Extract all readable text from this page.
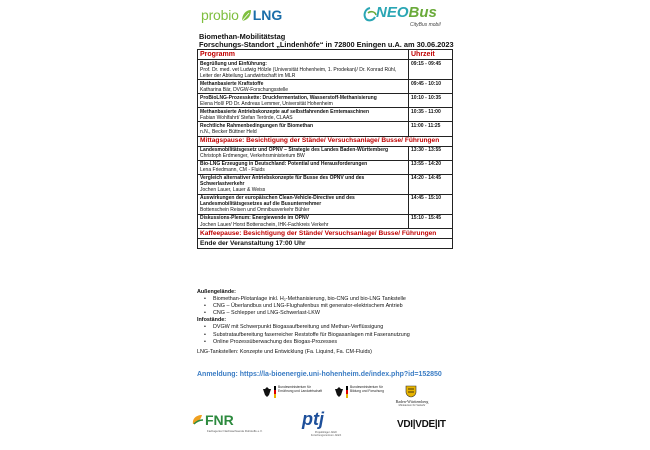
probio LNG	NEOBus
CityBus mobil
Biomethan-Mobilitätstag
Forschungs-Standort „Lindenhöfe“ in 72800 Eningen u.A. am 30.06.2023
Programm	Uhrzeit

Begrüßung und Einführung:
Prof. Dr. med. vet Ludwig Hölzle (Universität Hohenheim, 1. Prodekan)/ Dr. Konrad Rühl, Leiter der Abteilung Landwirtschaft im MLR	09:15 - 09:45

Methanbasierte Kraftstoffe
Katharina Bär, DVGW-Forschungsstelle	09:45 - 10:10

ProBioLNG-Prozesskette: Druckfermentation, Wasserstoff-Methanisierung
Elena Holl/ PD Dr. Andreas Lemmer, Universität Hohenheim	10:10 - 10:35

Methanbasierte Antriebskonzepte auf selbstfahrenden Erntemaschinen
Fabian Wohlfahrt/ Stefan Terörde, CLAAS	10:35 - 11:00

Rechtliche Rahmenbedingungen für Biomethan
n.N., Becker Büttner Held	11:00 - 11:25
Mittagspause: Besichtigung der Stände/ Versuchsanlage/ Busse/ Führungen	

Landesmobilitätsgesetz und ÖPNV – Strategie des Landes Baden-Württemberg
Christoph Erdmenger, Verkehrsministerium BW	13:30 - 13:55

Bio-LNG Erzeugung in Deutschland: Potential und Herausforderungen
Lena Friedmann, CM - Fluids	13:55 - 14:20

Vergleich alternativer Antriebskonzepte für Busse des ÖPNV und des Schwerlastverkehr
Jochen Lauer, Lauer & Weiss	14:20 - 14:45

Auswirkungen der europäischen Clean-Vehicle-Directive und des Landesmobilitätsgesetzes auf die Busunternehmer
Bottenschein Reisen und Omnibusverkehr Bühler	14:45 - 15:10

Diskussions-Plenum: Energiewende im ÖPNV
Jochen Lauer/ Horst Bottenschein, IHK-Fachkreis Verkehr	15:10 - 15:45
Kaffeepause: Besichtigung der Stände/ Versuchsanlage/ Busse/ Führungen	
Ende der Veranstaltung 17:00 Uhr	
Außengelände:
• Biomethan-Pilotanlage inkl. H₂-Methanisierung, bio-CNG und bio-LNG Tankstelle
• CNG – Überlandbus und LNG-Flughafenbus mit generator-elektrischem Antrieb
• CNG – Schlepper und LNG-Schwerlast-LKW
Infostände:
• DVGW mit Schwerpunkt Biogasaufbereitung und Methan-Verflüssigung
• Substrataufbereitung faserreicher Reststoffe für Biogasanlagen mit Faseranutzung
• Online Prozessüberwachung des Biogas-Prozesses
LNG-Tankstellen: Konzepte und Entwicklung (Fa. Liquind, Fa. CM-Fluids)
Anmeldung: https://la-bioenergie.uni-hohenheim.de/index.php?id=152850
Bundesministerium für Ernährung und Landwirtschaft
Bundesministerium für Bildung und Forschung
Baden-Württemberg
Ministerium für Verkehr
FNR
Fachagentur Nachwachsende Rohstoffe e.V.
ptj
Projektträger Jülich Forschungszentrum Jülich
VDI|VDE|IT
